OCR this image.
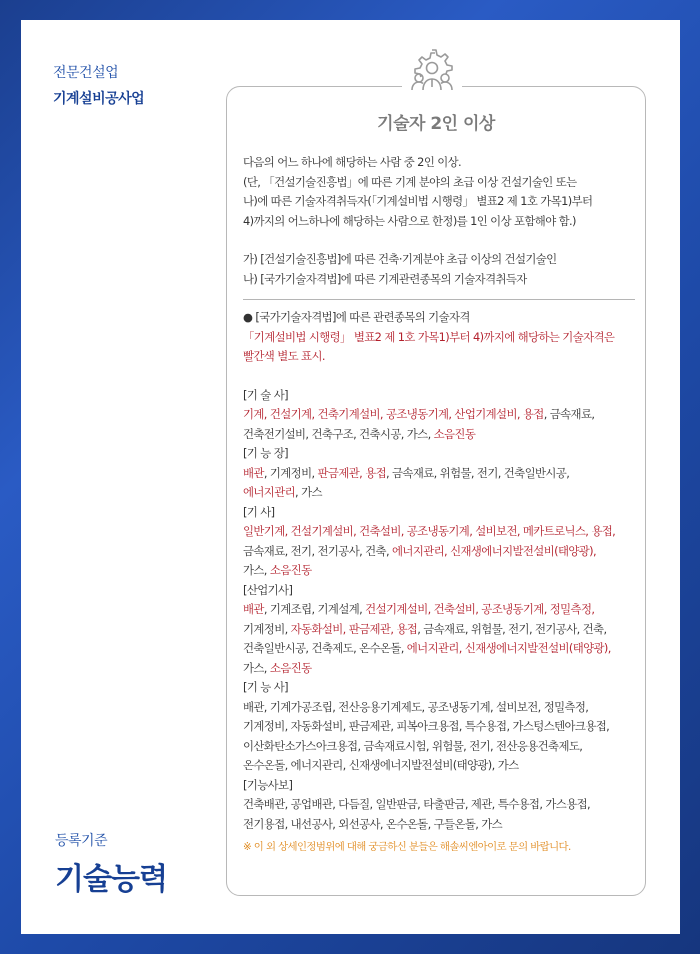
전문건설업
기계설비공사업
등록기준
기술능력
기술자 2인 이상

다음의 어느 하나에 해당하는 사람 중 2인 이상.

(단, 「건설기술진흥법」에 따른 기계 분야의 초급 이상 건설기술인 또는

나)에 따른 기술자격취득자(「기계설비법 시행령」 별표2 제 1호 가목1)부터

4)까지의 어느하나에 해당하는 사람으로 한정)를 1인 이상 포함해야 함.)

가) [건설기술진흥법]에 따른 건축·기계분야 초급 이상의 건설기술인

나) [국가기술자격법]에 따른 기계관련종목의 기술자격취득자

● [국가기술자격법]에 따른 관련종목의 기술자격

「기계설비법 시행령」 별표2 제 1호 가목1)부터 4)까지에 해당하는 기술자격은

빨간색 별도 표시.

[기 술 사]

기계, 건설기계, 건축기계설비, 공조냉동기계, 산업기계설비, 용접, 금속재료,

건축전기설비, 건축구조, 건축시공, 가스, 소음진동

[기 능 장]

배관, 기계정비, 판금제관, 용접, 금속재료, 위험물, 전기, 건축일반시공,

에너지관리, 가스

[기 사]

일반기계, 건설기계설비, 건축설비, 공조냉동기계, 설비보전, 메카트로닉스, 용접,

금속재료, 전기, 전기공사, 건축, 에너지관리, 신재생에너지발전설비(태양광),

가스, 소음진동

[산업기사]

배관, 기계조립, 기계설계, 건설기계설비, 건축설비, 공조냉동기계, 정밀측정,

기계정비, 자동화설비, 판금제관, 용접, 금속재료, 위험물, 전기, 전기공사, 건축,

건축일반시공, 건축제도, 온수온돌, 에너지관리, 신재생에너지발전설비(태양광),

가스, 소음진동

[기 능 사]

배관, 기계가공조립, 전산응용기계제도, 공조냉동기계, 설비보전, 정밀측정,

기계정비, 자동화설비, 판금제관, 피복아크용접, 특수용접, 가스텅스텐아크용접,

이산화탄소가스아크용접, 금속재료시험, 위험물, 전기, 전산응용건축제도,

온수온돌, 에너지관리, 신재생에너지발전설비(태양광), 가스

[기능사보]

건축배관, 공업배관, 다듬질, 일반판금, 타출판금, 제관, 특수용접, 가스용접,

전기용접, 내선공사, 외선공사, 온수온돌, 구들온돌, 가스

※ 이 외 상세인정범위에 대해 궁금하신 분들은 해솔씨엔아이로 문의 바랍니다.
